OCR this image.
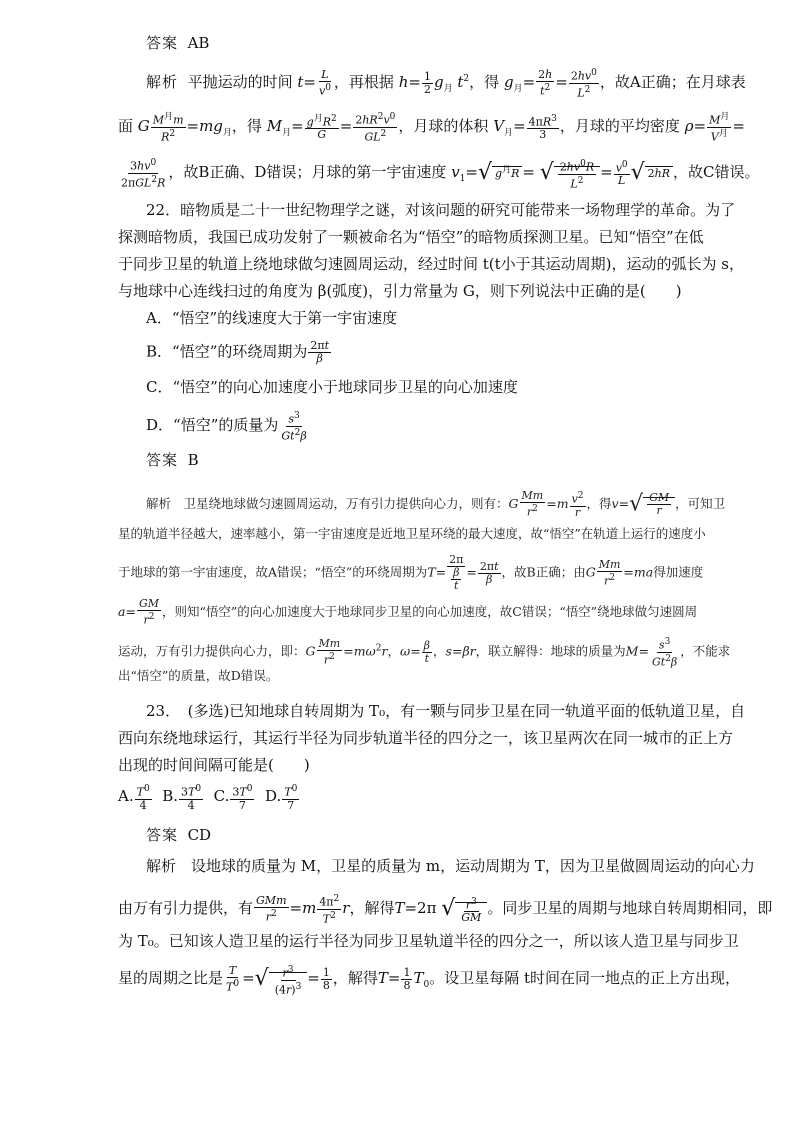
答案 AB
解析 平抛运动的时间 $t= \frac{L}{v^0}$ ，再根据 $h= \frac{1}{2} g_月$ $t^2$，得 $g_月= \frac{2h}{t^2} = \frac{2hv^0}{L^2}$ ，故A正确；在月球表
面 G $\frac{M^月m}{R^2} =mg_月$，得 $M_月= \frac{g^月R^2}{G} = \frac{2hR^2v^0}{GL^2}$ ，月球的体积 $V_月= \frac{4\pi R^3}{3}$ ，月球的平均密度 $\rho= \frac{M^月}{V^月}$ =
$\frac{3hv^0}{2\pi GL^2R}$ ，故B正确、D错误；月球的第一宇宙速度 $v_1=√$ $g^月R$ = √ $\frac{2hv^0R}{L^2} = \frac{v^0}{L}$ √ 2hR ，故C错误。
22．暗物质是二十一世纪物理学之谜，对该问题的研究可能带来一场物理学的革命。为了
探测暗物质，我国已成功发射了一颗被命名为“悟空”的暗物质探测卫星。已知“悟空”在低
于同步卫星的轨道上绕地球做匀速圆周运动，经过时间 t(t小于其运动周期)，运动的弧长为 s，
与地球中心连线扫过的角度为 β(弧度)，引力常量为 G，则下列说法中正确的是(　　)
A．“悟空”的线速度大于第一宇宙速度
B．“悟空”的环绕周期为 $\frac{2\pi t}{\beta}$
C．“悟空”的向心加速度小于地球同步卫星的向心加速度
D．“悟空”的质量为 $\frac{s^3}{Gt^2\beta}$
答案 B
解析　卫星绕地球做匀速圆周运动，万有引力提供向心力，则有：G $\frac{Mm}{r^2} =m \frac{v^2}{r}$ ，得$v=√ \frac{GM}{r}$ ，可知卫
星的轨道半径越大，速率越小，第一宇宙速度是近地卫星环绕的最大速度，故“悟空”在轨道上运行的速度小
于地球的第一宇宙速度，故A错误；“悟空”的环绕周期为$T= \frac{2\pi}{\frac{\beta}{t}} = \frac{2\pi t}{\beta}$ ，故B正确；由G $\frac{Mm}{r^2} =ma$得加速度
$a= \frac{GM}{r^2}$ ，则知“悟空”的向心加速度大于地球同步卫星的向心加速度，故C错误；“悟空”绕地球做匀速圆周
运动，万有引力提供向心力，即：G $\frac{Mm}{r^2} =m\omega^2r$，$\omega= \frac{\beta}{t}$ ，s=βr，联立解得：地球的质量为$M= \frac{s^3}{Gt^2\beta}$ ，不能求
出“悟空”的质量，故D错误。
23．　(多选)已知地球自转周期为 T₀，有一颗与同步卫星在同一轨道平面的低轨道卫星，自
西向东绕地球运行，其运行半径为同步轨道半径的四分之一，该卫星两次在同一城市的正上方
出现的时间间隔可能是(　　)
A. $\frac{T^0}{4} B$. $\frac{3T^0}{4} C$. $\frac{3T^0}{7} D$. $\frac{T^0}{7}$
答案 CD
解析　设地球的质量为 M，卫星的质量为 m，运动周期为 T，因为卫星做圆周运动的向心力
由万有引力提供，有 $\frac{\text{GMm}}{r^2} =m \frac{4\pi^2}{T^2}$ r，解得T=2π √ $\frac{r^3}{GM}$ 。同步卫星的周期与地球自转周期相同，即
为 T₀。已知该人造卫星的运行半径为同步卫星轨道半径的四分之一，所以该人造卫星与同步卫
星的周期之比是 $\frac{T}{T^0}$ =√ $\frac{r^3}{(4r)^3} = \frac{1}{8}$ ，解得$T= \frac{1}{8} T_0$。设卫星每隔 t时间在同一地点的正上方出现，
